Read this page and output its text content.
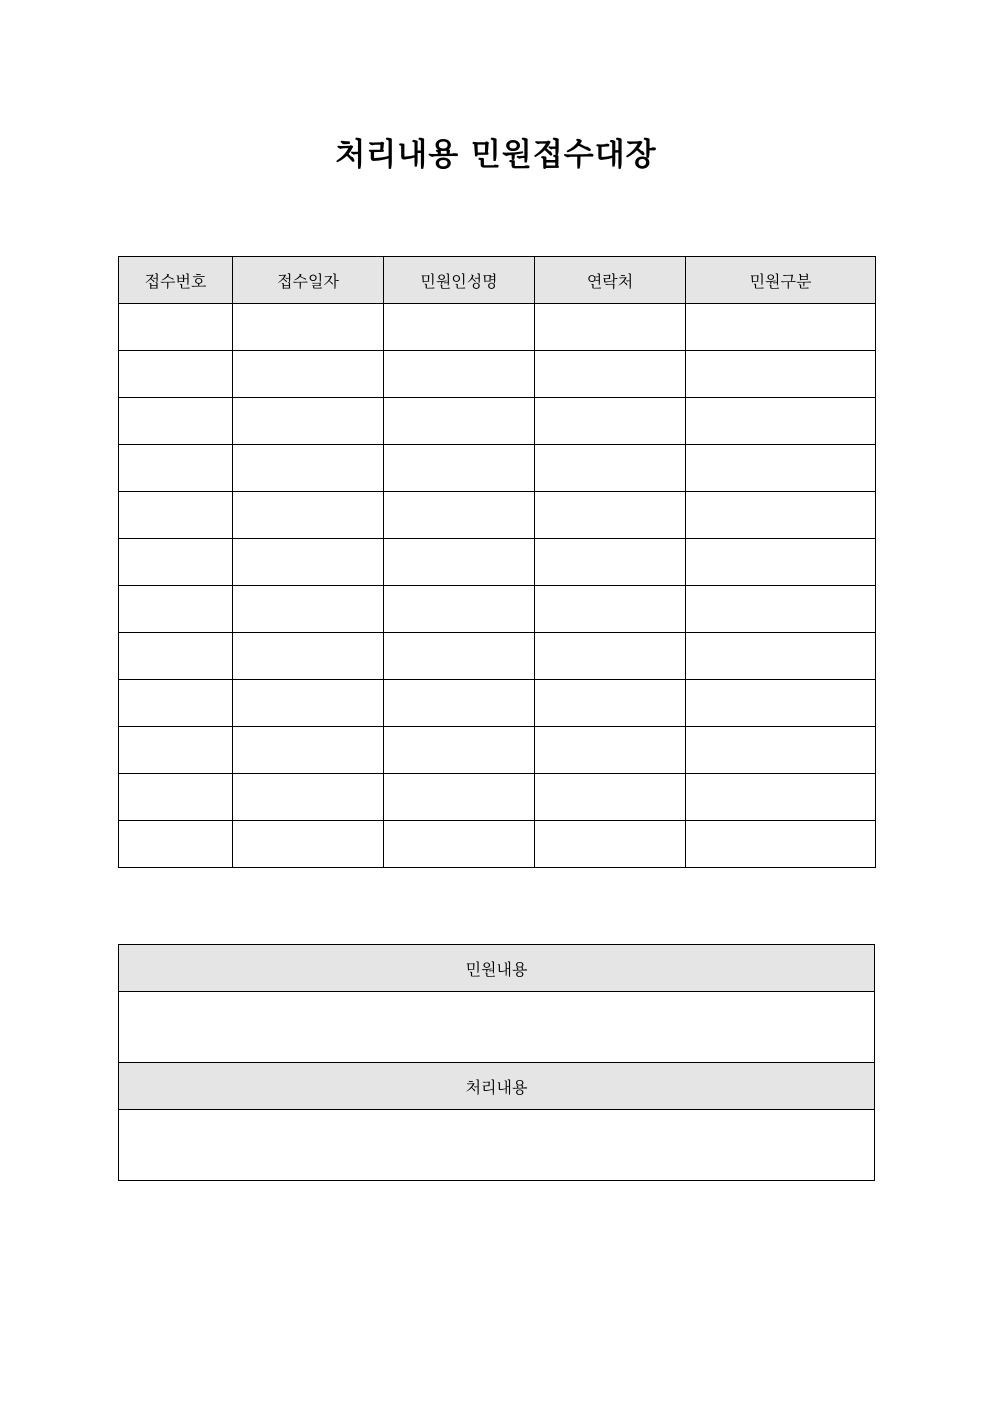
처리내용 민원접수대장
접수번호	접수일자	민원인성명	연락처	민원구분

민원내용

처리내용
